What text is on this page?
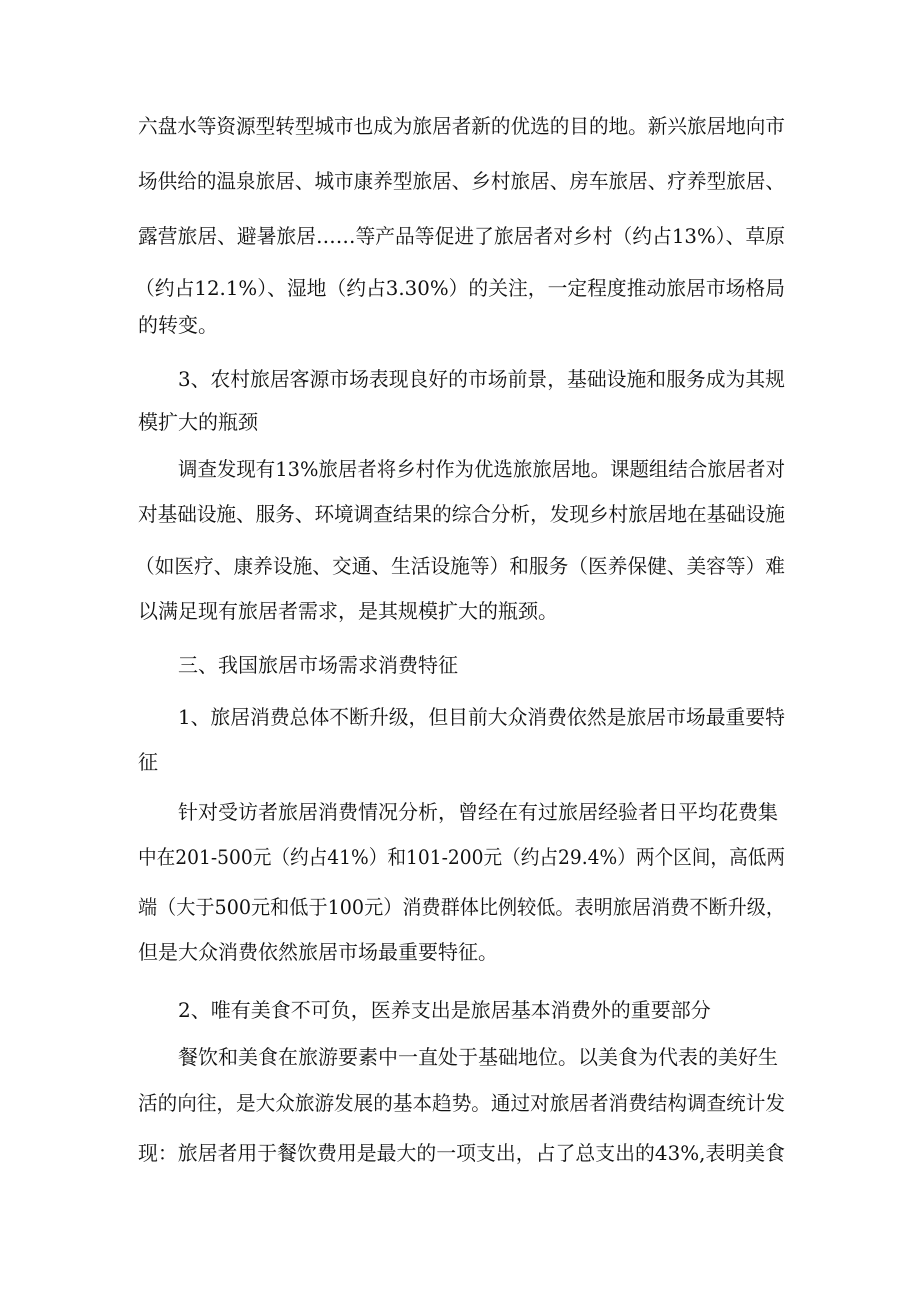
六盘水等资源型转型城市也成为旅居者新的优选的目的地。新兴旅居地向市
场供给的温泉旅居、城市康养型旅居、乡村旅居、房车旅居、疗养型旅居、
露营旅居、避暑旅居……等产品等促进了旅居者对乡村（约占13%）、草原
（约占12.1%）、湿地（约占3.30%）的关注，一定程度推动旅居市场格局
的转变。
3、农村旅居客源市场表现良好的市场前景，基础设施和服务成为其规
模扩大的瓶颈
调查发现有13%旅居者将乡村作为优选旅旅居地。课题组结合旅居者对
对基础设施、服务、环境调查结果的综合分析，发现乡村旅居地在基础设施
（如医疗、康养设施、交通、生活设施等）和服务（医养保健、美容等）难
以满足现有旅居者需求，是其规模扩大的瓶颈。
三、我国旅居市场需求消费特征
1、旅居消费总体不断升级，但目前大众消费依然是旅居市场最重要特
征
针对受访者旅居消费情况分析，曾经在有过旅居经验者日平均花费集
中在201-500元（约占41%）和101-200元（约占29.4%）两个区间，高低两
端（大于500元和低于100元）消费群体比例较低。表明旅居消费不断升级，
但是大众消费依然旅居市场最重要特征。
2、唯有美食不可负，医养支出是旅居基本消费外的重要部分
餐饮和美食在旅游要素中一直处于基础地位。以美食为代表的美好生
活的向往，是大众旅游发展的基本趋势。通过对旅居者消费结构调查统计发
现：旅居者用于餐饮费用是最大的一项支出，占了总支出的43%,表明美食
